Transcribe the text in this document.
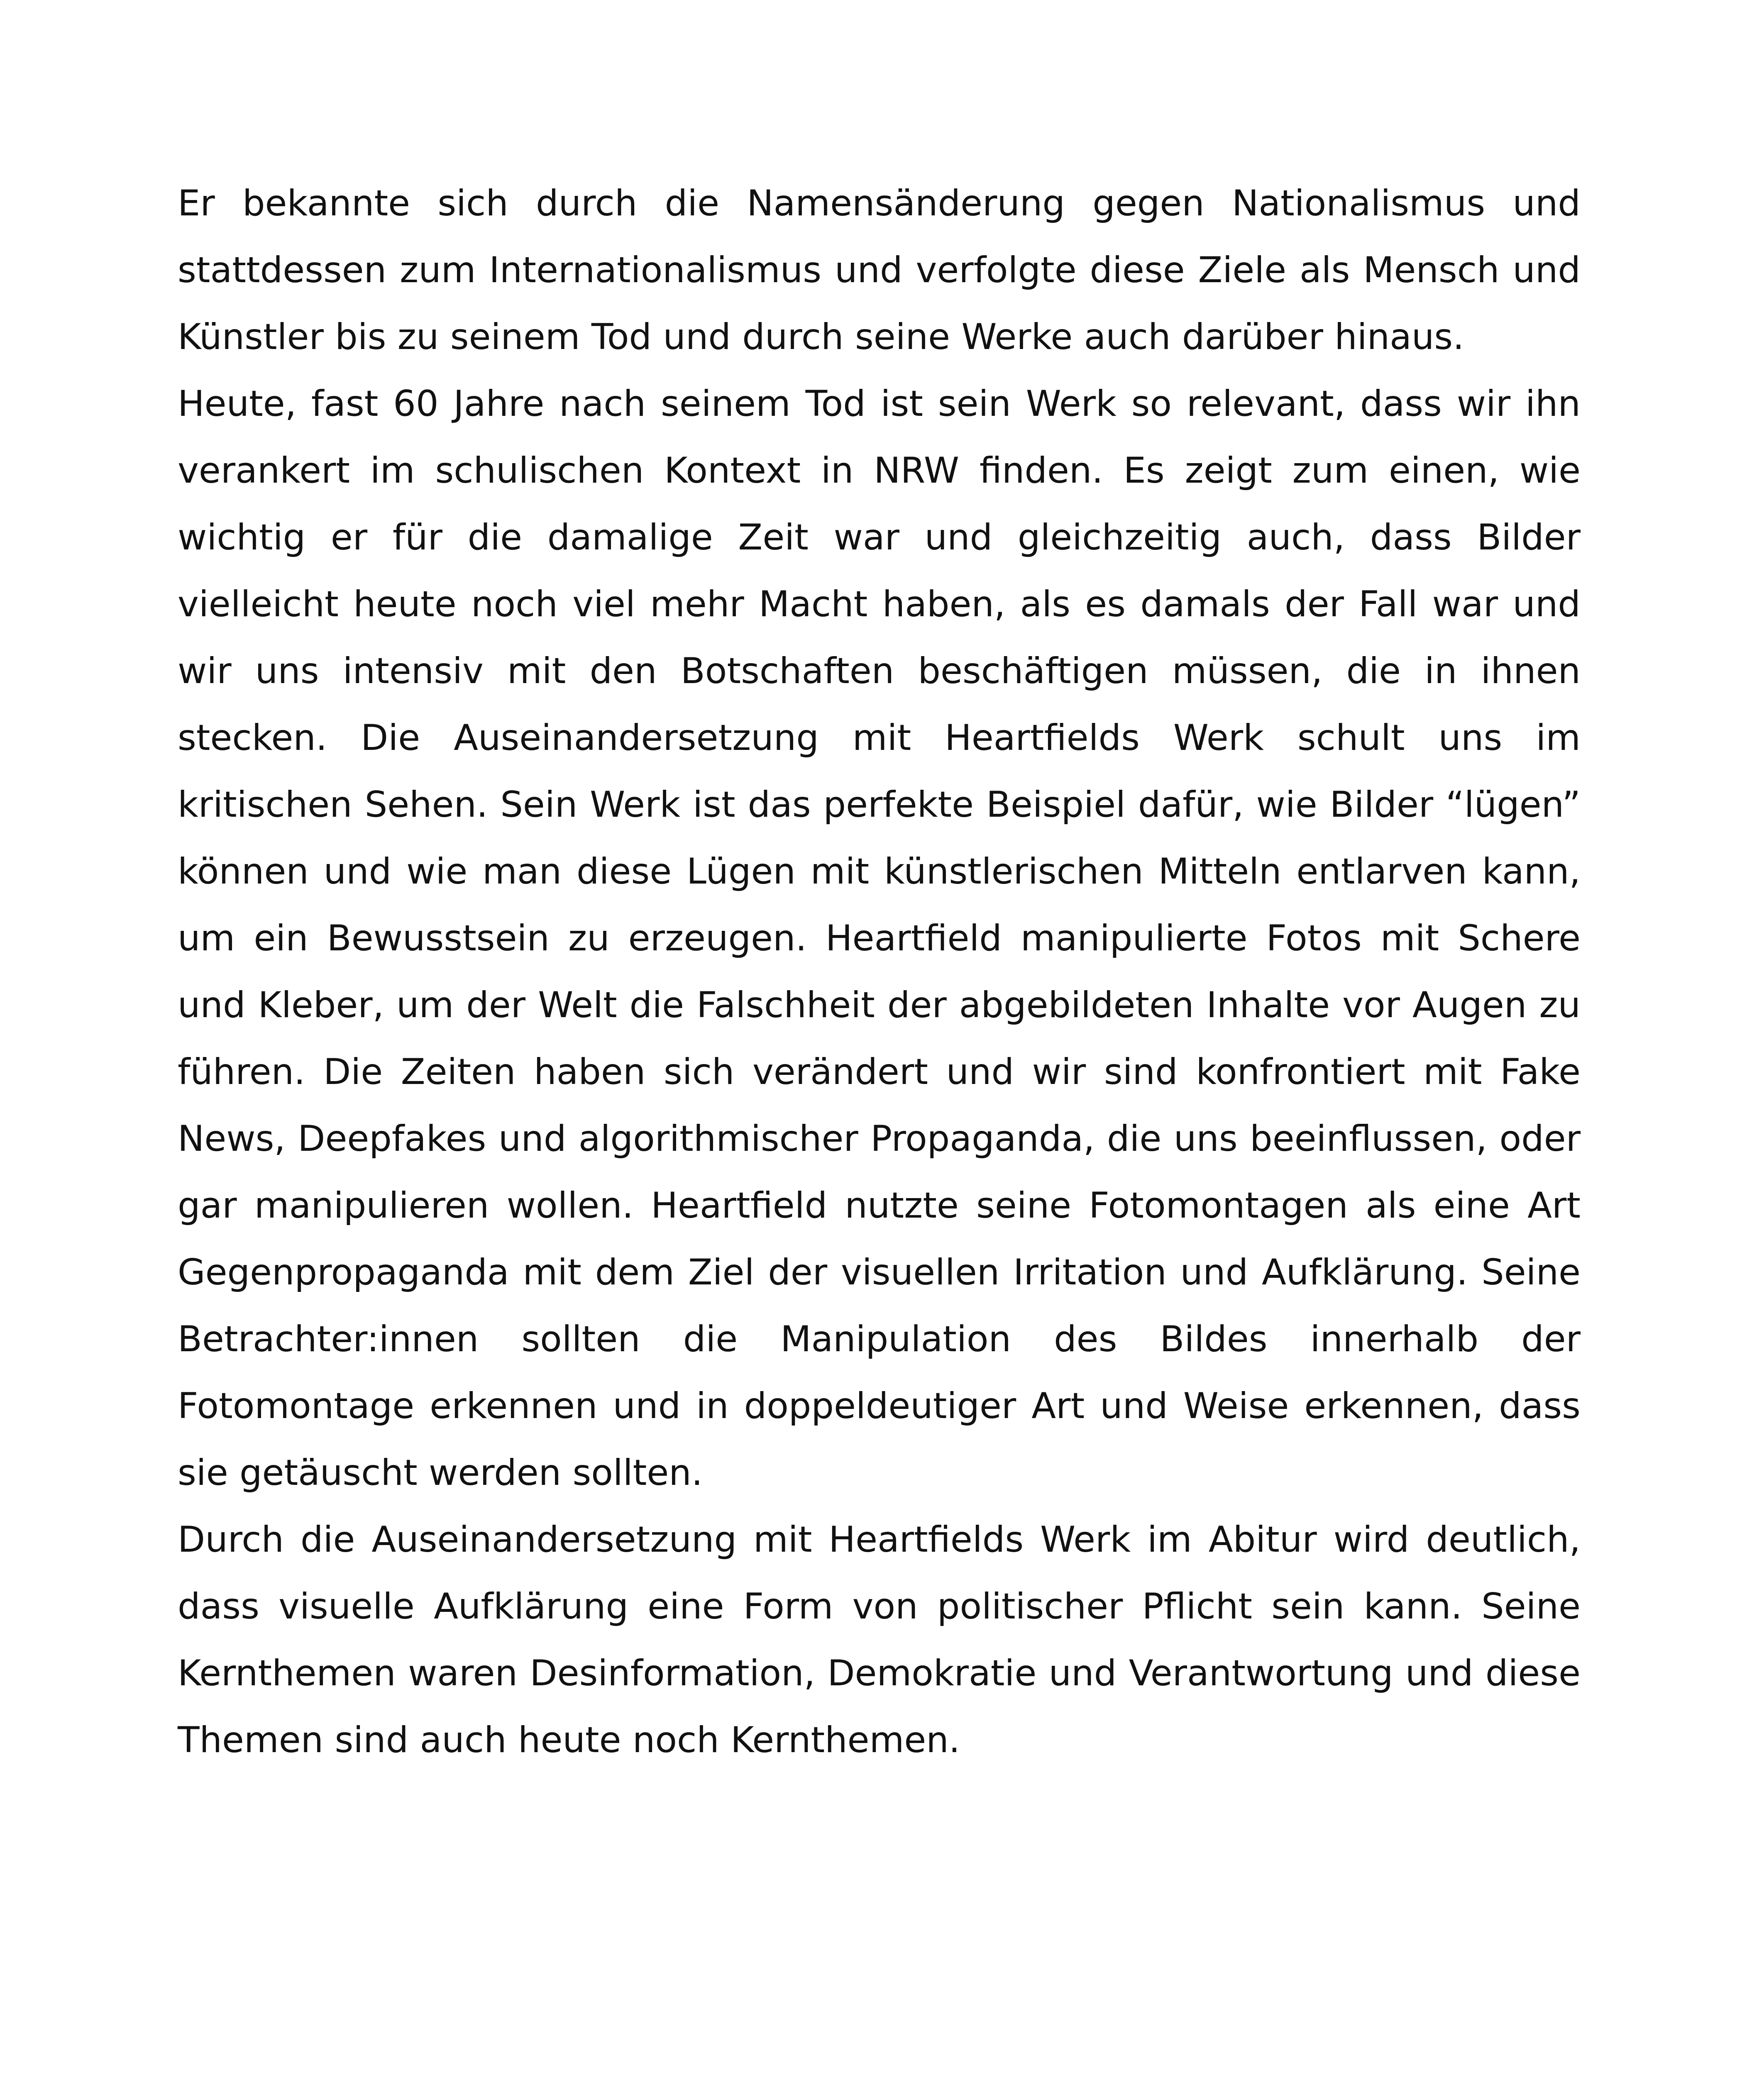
Er bekannte sich durch die Namensänderung gegen Nationalismus und stattdessen zum Internationalismus und verfolgte diese Ziele als Mensch und Künstler bis zu seinem Tod und durch seine Werke auch darüber hinaus.

Heute, fast 60 Jahre nach seinem Tod ist sein Werk so relevant, dass wir ihn verankert im schulischen Kontext in NRW finden. Es zeigt zum einen, wie wichtig er für die damalige Zeit war und gleichzeitig auch, dass Bilder vielleicht heute noch viel mehr Macht haben, als es damals der Fall war und wir uns intensiv mit den Botschaften beschäftigen müssen, die in ihnen stecken. Die Auseinandersetzung mit Heartfields Werk schult uns im kritischen Sehen. Sein Werk ist das perfekte Beispiel dafür, wie Bilder “lügen” können und wie man diese Lügen mit künstlerischen Mitteln entlarven kann, um ein Bewusstsein zu erzeugen. Heartfield manipulierte Fotos mit Schere und Kleber, um der Welt die Falschheit der abgebildeten Inhalte vor Augen zu führen. Die Zeiten haben sich verändert und wir sind konfrontiert mit Fake News, Deepfakes und algorithmischer Propaganda, die uns beeinflussen, oder gar manipulieren wollen. Heartfield nutzte seine Fotomontagen als eine Art Gegenpropaganda mit dem Ziel der visuellen Irritation und Aufklärung. Seine Betrachter:innen sollten die Manipulation des Bildes innerhalb der Fotomontage erkennen und in doppeldeutiger Art und Weise erkennen, dass sie getäuscht werden sollten.

Durch die Auseinandersetzung mit Heartfields Werk im Abitur wird deutlich, dass visuelle Aufklärung eine Form von politischer Pflicht sein kann. Seine Kernthemen waren Desinformation, Demokratie und Verantwortung und diese Themen sind auch heute noch Kernthemen.
